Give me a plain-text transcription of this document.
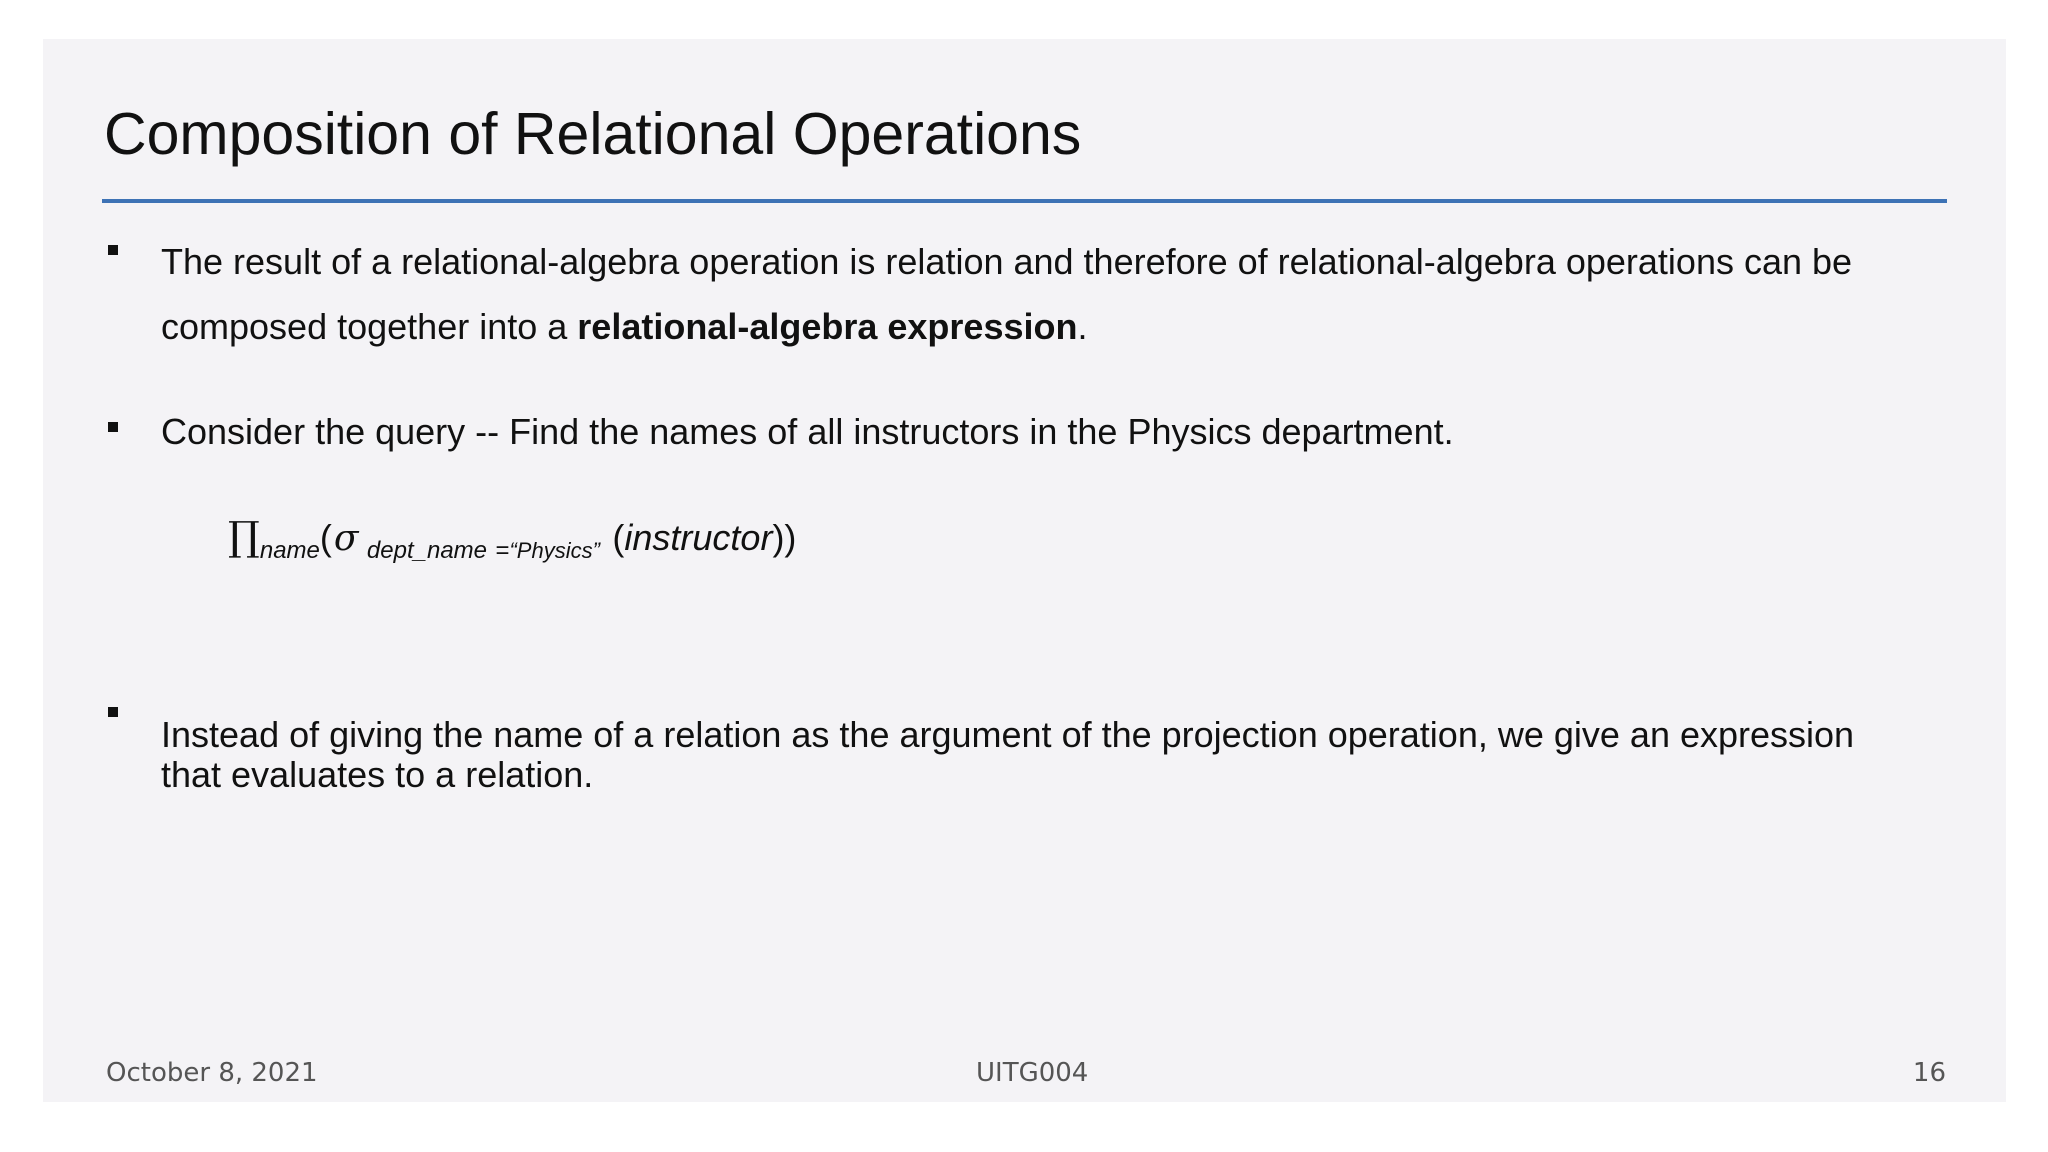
Composition of Relational Operations
The result of a relational-algebra operation is relation and therefore of relational-algebra operations can be
composed together into a relational-algebra expression.
Consider the query -- Find the names of all instructors in the Physics department.
∏name(σ dept_name =“Physics” (instructor))
Instead of giving the name of a relation as the argument of the projection operation, we give an expression
that evaluates to a relation.
October 8, 2021	UITG004	16
